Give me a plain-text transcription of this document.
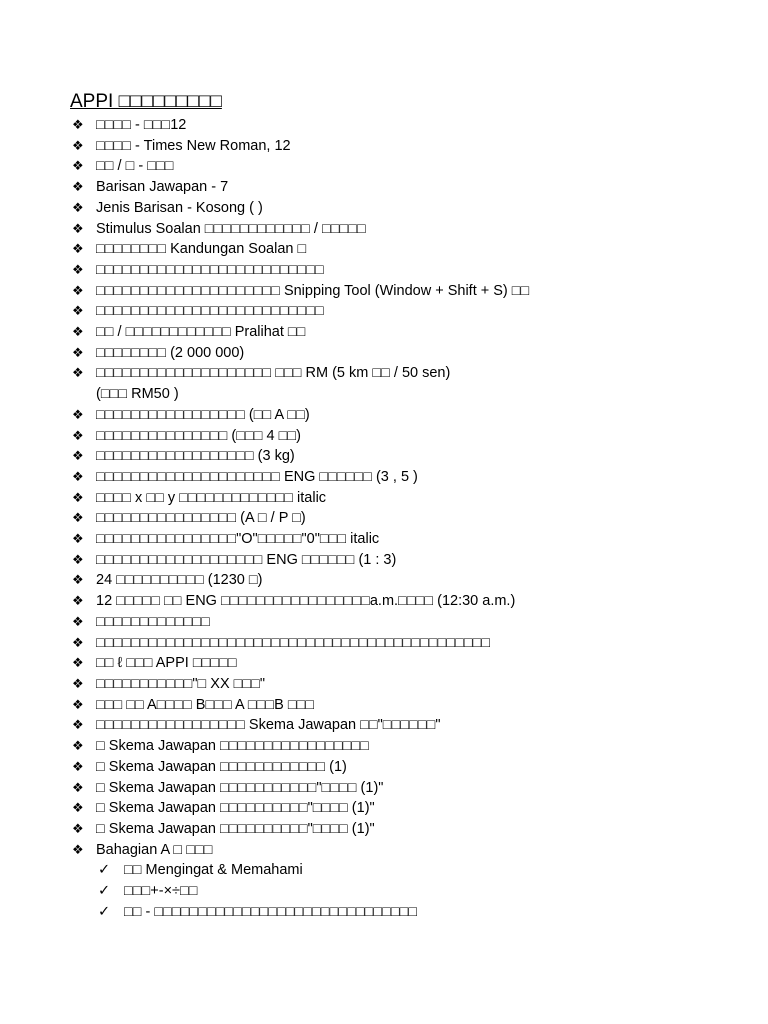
APPI □□□□□□□□□
❖ □□□□ - □□□12
❖ □□□□ - Times New Roman, 12
❖ □□ / □ - □□□
❖ Barisan Jawapan - 7
❖ Jenis Barisan - Kosong ( )
❖ Stimulus Soalan □□□□□□□□□□□□ / □□□□□
❖ □□□□□□□□ Kandungan Soalan □
❖ □□□□□□□□□□□□□□□□□□□□□□□□□□
❖ □□□□□□□□□□□□□□□□□□□□□ Snipping Tool (Window + Shift + S) □□
❖ □□□□□□□□□□□□□□□□□□□□□□□□□□
❖ □□ / □□□□□□□□□□□□ Pralihat □□
❖ □□□□□□□□ (2 000 000)
❖ □□□□□□□□□□□□□□□□□□□□ □□□ RM (5 km □□ / 50 sen)
(□□□ RM50 )
❖ □□□□□□□□□□□□□□□□□ (□□ A □□)
❖ □□□□□□□□□□□□□□□ (□□□ 4 □□)
❖ □□□□□□□□□□□□□□□□□□ (3 kg)
❖ □□□□□□□□□□□□□□□□□□□□□ ENG □□□□□□ (3 , 5 )
❖ □□□□ x □□ y □□□□□□□□□□□□□ italic
❖ □□□□□□□□□□□□□□□□ (A □ / P □)
❖ □□□□□□□□□□□□□□□□"O"□□□□□"0"□□□ italic
❖ □□□□□□□□□□□□□□□□□□□ ENG □□□□□□ (1 : 3)
❖ 24 □□□□□□□□□□ (1230 □)
❖ 12 □□□□□ □□ ENG □□□□□□□□□□□□□□□□□a.m.□□□□ (12:30 a.m.)
❖ □□□□□□□□□□□□□
❖ □□□□□□□□□□□□□□□□□□□□□□□□□□□□□□□□□□□□□□□□□□□□□
❖ □□ ℓ □□□ APPI □□□□□
❖ □□□□□□□□□□□"□ XX □□□"
❖ □□□ □□ A□□□□ B□□□ A □□□B □□□
❖ □□□□□□□□□□□□□□□□□ Skema Jawapan □□"□□□□□□"
❖ □ Skema Jawapan □□□□□□□□□□□□□□□□□
❖ □ Skema Jawapan □□□□□□□□□□□□ (1)
❖ □ Skema Jawapan □□□□□□□□□□□"□□□□ (1)"
❖ □ Skema Jawapan □□□□□□□□□□"□□□□ (1)"
❖ □ Skema Jawapan □□□□□□□□□□"□□□□ (1)"
❖ Bahagian A □ □□□
✓ □□ Mengingat & Memahami
✓ □□□+-×÷□□
✓ □□ - □□□□□□□□□□□□□□□□□□□□□□□□□□□□□□
